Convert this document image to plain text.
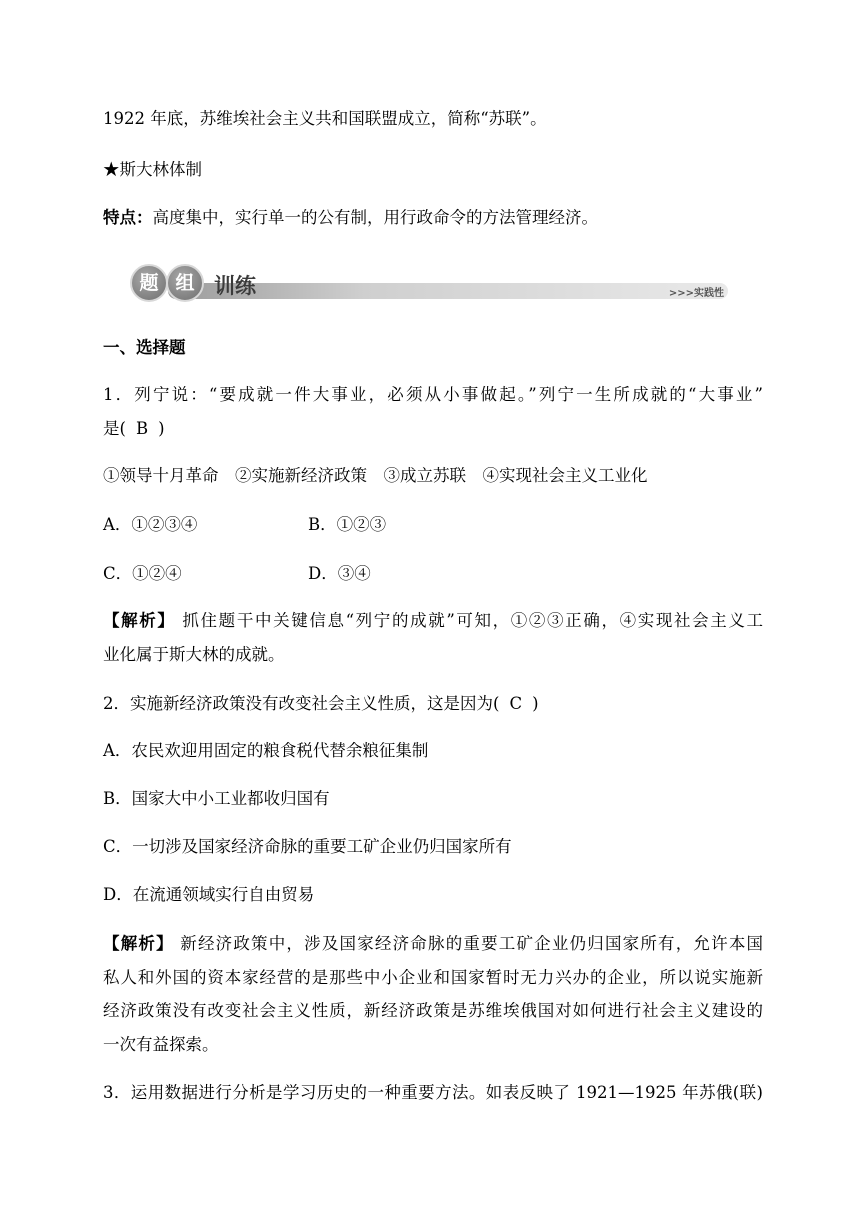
1922 年底，苏维埃社会主义共和国联盟成立，简称“苏联”。
★斯大林体制
特点：高度集中，实行单一的公有制，用行政命令的方法管理经济。
题 组 训练	>>>实践性
一、选择题
1．列宁说：“要成就一件大事业，必须从小事做起。”列宁一生所成就的“大事业”
是( B )
①领导十月革命　②实施新经济政策　③成立苏联　④实现社会主义工业化
A．①②③④	B．①②③
C．①②④	D．③④
【解析】 抓住题干中关键信息“列宁的成就”可知，①②③正确，④实现社会主义工
业化属于斯大林的成就。
2．实施新经济政策没有改变社会主义性质，这是因为( C )
A．农民欢迎用固定的粮食税代替余粮征集制
B．国家大中小工业都收归国有
C．一切涉及国家经济命脉的重要工矿企业仍归国家所有
D．在流通领域实行自由贸易
【解析】 新经济政策中，涉及国家经济命脉的重要工矿企业仍归国家所有，允许本国
私人和外国的资本家经营的是那些中小企业和国家暂时无力兴办的企业，所以说实施新
经济政策没有改变社会主义性质，新经济政策是苏维埃俄国对如何进行社会主义建设的
一次有益探索。
3．运用数据进行分析是学习历史的一种重要方法。如表反映了 1921—1925 年苏俄(联)
